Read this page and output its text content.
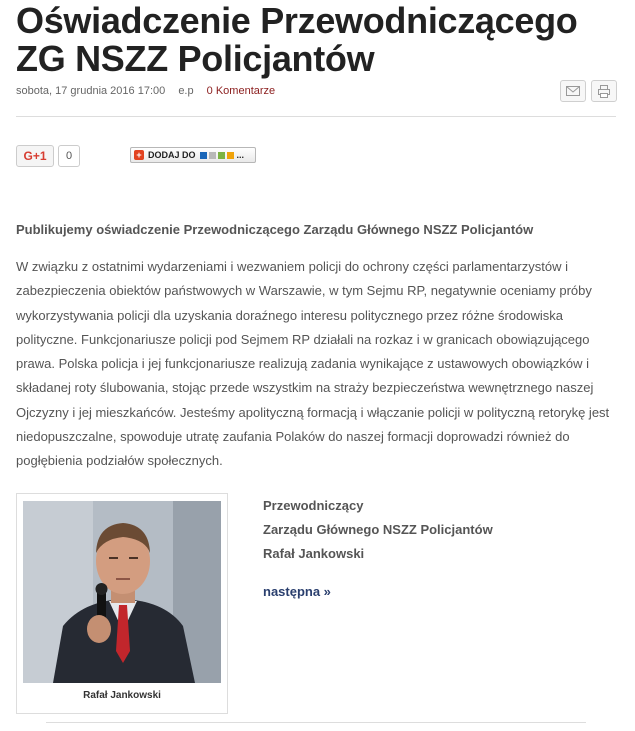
Oświadczenie Przewodniczącego ZG NSZZ Policjantów
sobota, 17 grudnia 2016 17:00 e.p 0 Komentarze
G+1	0	+ DODAJ DO	...

Publikujemy oświadczenie Przewodniczącego Zarządu Głównego NSZZ Policjantów

W związku z ostatnimi wydarzeniami i wezwaniem policji do ochrony części parlamentarzystów i zabezpieczenia obiektów państwowych w Warszawie, w tym Sejmu RP, negatywnie oceniamy próby wykorzystywania policji dla uzyskania doraźnego interesu politycznego przez różne środowiska polityczne. Funkcjonariusze policji pod Sejmem RP działali na rozkaz i w granicach obowiązującego prawa. Polska policja i jej funkcjonariusze realizują zadania wynikające z ustawowych obowiązków i składanej roty ślubowania, stojąc przede wszystkim na straży bezpieczeństwa wewnętrznego naszej Ojczyzny i jej mieszkańców. Jesteśmy apolityczną formacją i włączanie policji w polityczną retorykę jest niedopuszczalne, spowoduje utratę zaufania Polaków do naszej formacji doprowadzi również do pogłębienia podziałów społecznych.

Rafał Jankowski
Przewodniczący
Zarządu Głównego NSZZ Policjantów
Rafał Jankowski
następna »
